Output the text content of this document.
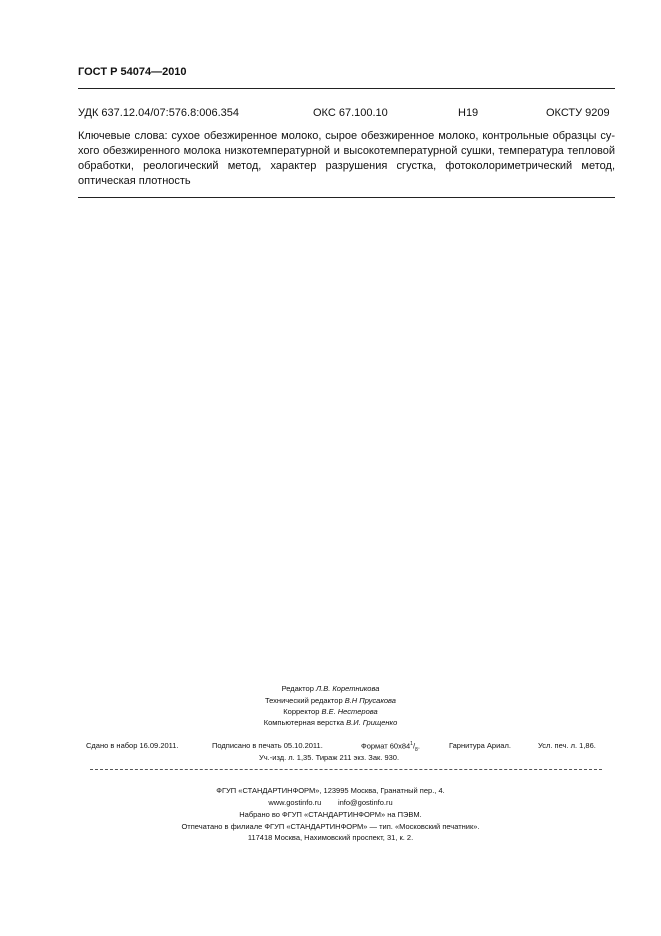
ГОСТ Р 54074—2010
УДК 637.12.04/07:576.8:006.354	ОКС 67.100.10	Н19	ОКСТУ 9209
Ключевые слова: сухое обезжиренное молоко, сырое обезжиренное молоко, контрольные образцы су-
хого обезжиренного молока низкотемпературной и высокотемпературной сушки, температура тепловой
обработки, реологический метод, характер разрушения сгустка, фотоколориметрический метод,
оптическая плотность
Редактор Л.В. Коретникова
Технический редактор В.Н Прусакова
Корректор В.Е. Нестерова
Компьютерная верстка В.И. Грищенко
Сдано в набор 16.09.2011.	Подписано в печать 05.10.2011.	Формат $60х84^1/_8$.	Гарнитура Ариал.	Усл. печ. л. 1,86.
Уч.-изд. л. 1,35. Тираж 211 экз. Зак. 930.
ФГУП «СТАНДАРТИНФОРМ», 123995 Москва, Гранатный пер., 4.
www.gostinfo.ru info@gostinfo.ru
Набрано во ФГУП «СТАНДАРТИНФОРМ» на ПЭВМ.
Отпечатано в филиале ФГУП «СТАНДАРТИНФОРМ» — тип. «Московский печатник».
117418 Москва, Нахимовский проспект, 31, к. 2.
